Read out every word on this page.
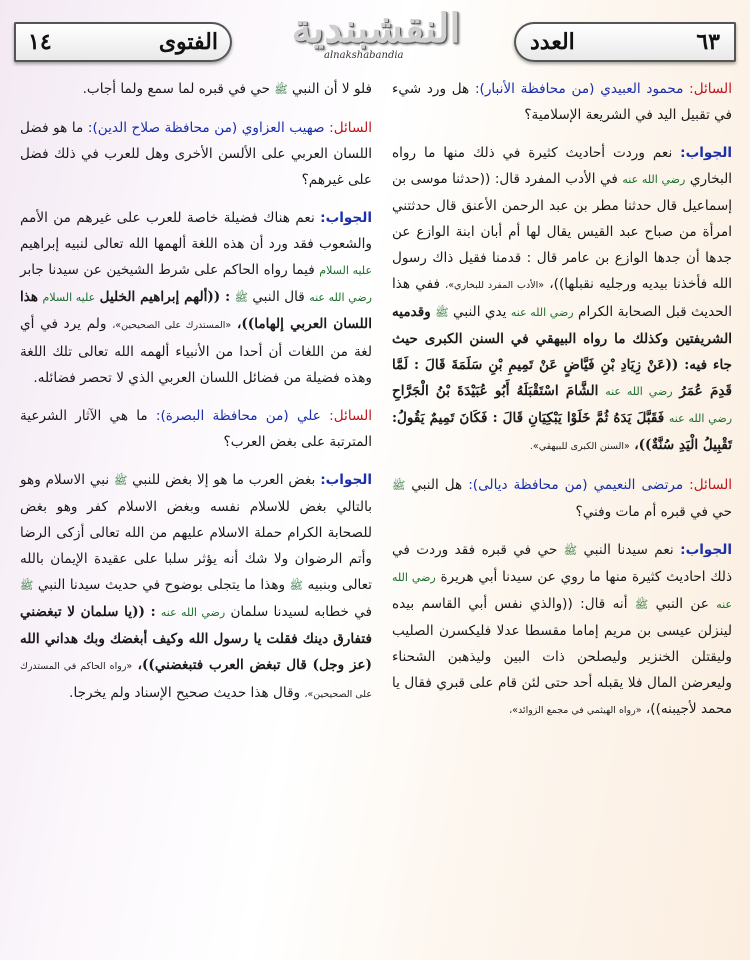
١٤	الفتوى	النقشبندية
alnakshabandia
العدد	٦٣

السائل: محمود العبيدي (من محافظة الأنبار): هل ورد شيء في تقبيل اليد في الشريعة الإسلامية؟

الجواب: نعم وردت أحاديث كثيرة في ذلك منها ما رواه البخاري رضي الله عنه في الأدب المفرد قال: ((حدثنا موسى بن إسماعيل قال حدثنا مطر بن عبد الرحمن الأعنق قال حدثتني امرأة من صباح عبد القيس يقال لها أم أبان ابنة الوازع عن جدها أن جدها الوازع بن عامر قال : قدمنا فقيل ذاك رسول الله فأخذنا بيديه ورجليه نقبلها))، «الأدب المفرد للبخاري»، ففي هذا الحديث قبل الصحابة الكرام رضي الله عنه يدي النبي ﷺ وقدميه الشريفتين وكذلك ما رواه البيهقي في السنن الكبرى حيث جاء فيه: ((عَنْ زِيَادِ بْنِ فَيَّاضٍ عَنْ تَمِيمِ بْنِ سَلَمَةَ قَالَ : لَمَّا قَدِمَ عُمَرُ رضي الله عنه الشَّامَ اسْتَقْبَلَهُ أَبُو عُبَيْدَةَ بْنُ الْجَرَّاحِ رضي الله عنه فَقَبَّلَ يَدَهُ ثُمَّ خَلَوْا يَبْكِيَانِ قَالَ : فَكَانَ تَمِيمٌ يَقُولُ: تَقْبِيلُ الْيَدِ سُنَّةٌ))، «السنن الكبرى للبيهقي».

السائل: مرتضى النعيمي (من محافظة ديالى): هل النبي ﷺ حي في قبره أم مات وفني؟

الجواب: نعم سيدنا النبي ﷺ حي في قبره فقد وردت في ذلك احاديث كثيرة منها ما روي عن سيدنا أبي هريرة رضي الله عنه عن النبي ﷺ أنه قال: ((والذي نفس أبي القاسم بيده لينزلن عيسى بن مريم إماما مقسطا عدلا فليكسرن الصليب وليقتلن الخنزير وليصلحن ذات البين وليذهبن الشحناء وليعرضن المال فلا يقبله أحد حتى لئن قام على قبري فقال يا محمد لأجيبنه))، «رواه الهيثمي في مجمع الزوائد»،

فلو لا أن النبي ﷺ حي في قبره لما سمع ولما أجاب.

السائل: صهيب العزاوي (من محافظة صلاح الدين): ما هو فضل اللسان العربي على الألسن الأخرى وهل للعرب في ذلك فضل على غيرهم؟

الجواب: نعم هناك فضيلة خاصة للعرب على غيرهم من الأمم والشعوب فقد ورد أن هذه اللغة ألهمها الله تعالى لنبيه إبراهيم عليه السلام فيما رواه الحاكم على شرط الشيخين عن سيدنا جابر رضي الله عنه قال النبي ﷺ : ((ألهم إبراهيم الخليل عليه السلام هذا اللسان العربي إلهاما))، «المستدرك على الصحيحين»، ولم يرد في أي لغة من اللغات أن أحدا من الأنبياء ألهمه الله تعالى تلك اللغة وهذه فضيلة من فضائل اللسان العربي الذي لا تحصر فضائله.

السائل: علي (من محافظة البصرة): ما هي الآثار الشرعية المترتبة على بغض العرب؟

الجواب: بغض العرب ما هو إلا بغض للنبي ﷺ نبي الاسلام وهو بالتالي بغض للاسلام نفسه وبغض الاسلام كفر وهو بغض للصحابة الكرام حملة الاسلام عليهم من الله تعالى أزكى الرضا وأتم الرضوان ولا شك أنه يؤثر سلبا على عقيدة الإيمان بالله تعالى وبنبيه ﷺ وهذا ما يتجلى بوضوح في حديث سيدنا النبي ﷺ في خطابه لسيدنا سلمان رضي الله عنه : ((يا سلمان لا تبغضني فتفارق دينك فقلت يا رسول الله وكيف أبغضك وبك هداني الله (عز وجل) قال تبغض العرب فتبغضني))، «رواه الحاكم في المستدرك على الصحيحين»، وقال هذا حديث صحيح الإسناد ولم يخرجا.
